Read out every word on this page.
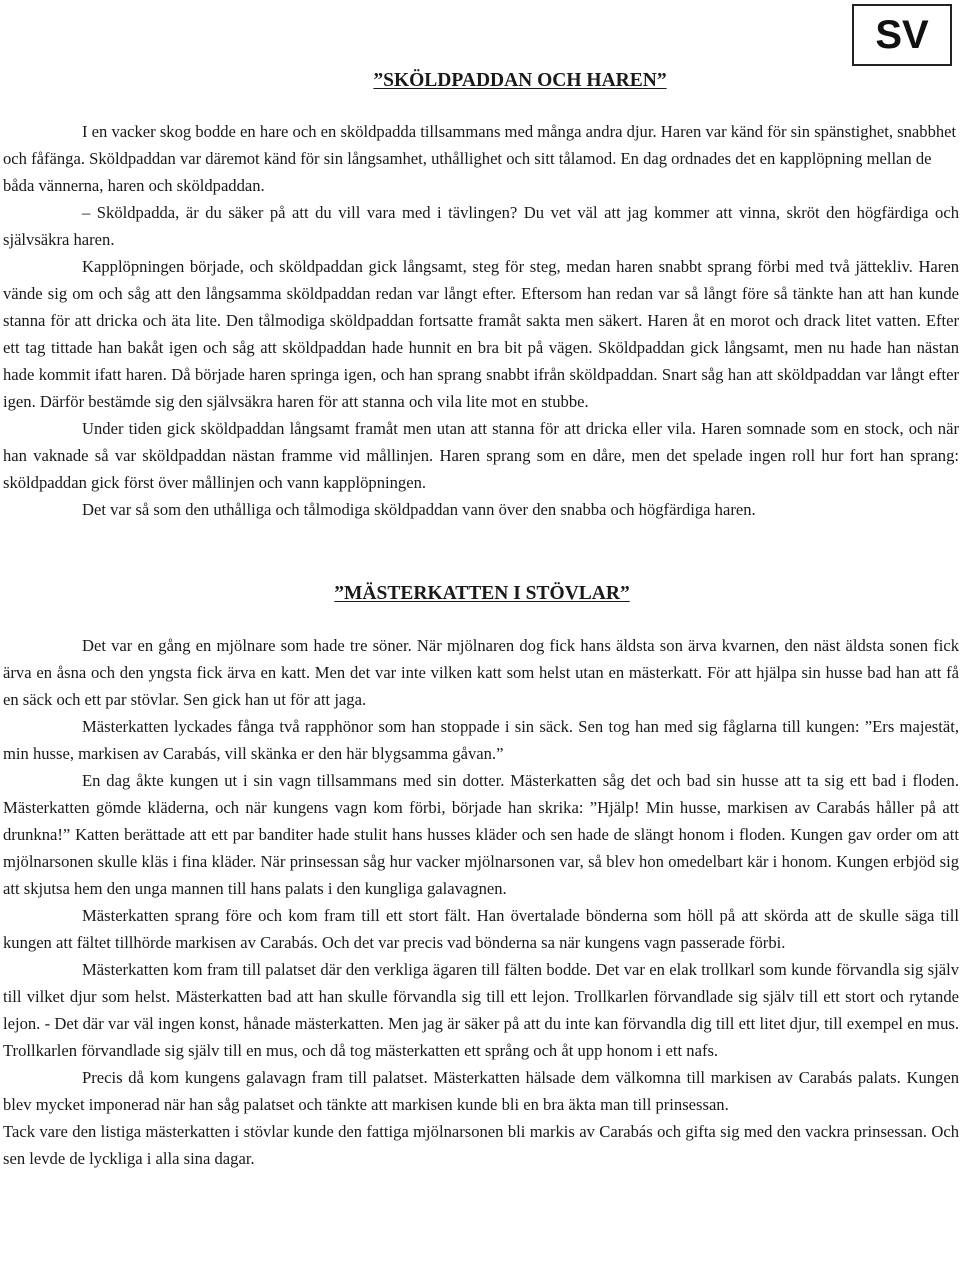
SV
”SKÖLDPADDAN OCH HAREN”

I en vacker skog bodde en hare och en sköldpadda tillsammans med många andra djur. Haren var känd för sin spänstighet, snabbhet och fåfänga. Sköldpaddan var däremot känd för sin långsamhet, uthållighet och sitt tålamod. En dag ordnades det en kapplöpning mellan de båda vännerna, haren och sköldpaddan.

– Sköldpadda, är du säker på att du vill vara med i tävlingen? Du vet väl att jag kommer att vinna, skröt den högfärdiga och självsäkra haren.

Kapplöpningen började, och sköldpaddan gick långsamt, steg för steg, medan haren snabbt sprang förbi med två jättekliv. Haren vände sig om och såg att den långsamma sköldpaddan redan var långt efter. Eftersom han redan var så långt före så tänkte han att han kunde stanna för att dricka och äta lite. Den tålmodiga sköldpaddan fortsatte framåt sakta men säkert. Haren åt en morot och drack litet vatten. Efter ett tag tittade han bakåt igen och såg att sköldpaddan hade hunnit en bra bit på vägen. Sköldpaddan gick långsamt, men nu hade han nästan hade kommit ifatt haren. Då började haren springa igen, och han sprang snabbt ifrån sköldpaddan. Snart såg han att sköldpaddan var långt efter igen. Därför bestämde sig den självsäkra haren för att stanna och vila lite mot en stubbe.

Under tiden gick sköldpaddan långsamt framåt men utan att stanna för att dricka eller vila. Haren somnade som en stock, och när han vaknade så var sköldpaddan nästan framme vid mållinjen. Haren sprang som en dåre, men det spelade ingen roll hur fort han sprang: sköldpaddan gick först över mållinjen och vann kapplöpningen.

Det var så som den uthålliga och tålmodiga sköldpaddan vann över den snabba och högfärdiga haren.

”MÄSTERKATTEN I STÖVLAR”

Det var en gång en mjölnare som hade tre söner. När mjölnaren dog fick hans äldsta son ärva kvarnen, den näst äldsta sonen fick ärva en åsna och den yngsta fick ärva en katt. Men det var inte vilken katt som helst utan en mästerkatt. För att hjälpa sin husse bad han att få en säck och ett par stövlar. Sen gick han ut för att jaga.

Mästerkatten lyckades fånga två rapphönor som han stoppade i sin säck. Sen tog han med sig fåglarna till kungen: ”Ers majestät, min husse, markisen av Carabás, vill skänka er den här blygsamma gåvan.”

En dag åkte kungen ut i sin vagn tillsammans med sin dotter. Mästerkatten såg det och bad sin husse att ta sig ett bad i floden. Mästerkatten gömde kläderna, och när kungens vagn kom förbi, började han skrika: ”Hjälp! Min husse, markisen av Carabás håller på att drunkna!” Katten berättade att ett par banditer hade stulit hans husses kläder och sen hade de slängt honom i floden. Kungen gav order om att mjölnarsonen skulle kläs i fina kläder. När prinsessan såg hur vacker mjölnarsonen var, så blev hon omedelbart kär i honom. Kungen erbjöd sig att skjutsa hem den unga mannen till hans palats i den kungliga galavagnen.

Mästerkatten sprang före och kom fram till ett stort fält. Han övertalade bönderna som höll på att skörda att de skulle säga till kungen att fältet tillhörde markisen av Carabás. Och det var precis vad bönderna sa när kungens vagn passerade förbi.

Mästerkatten kom fram till palatset där den verkliga ägaren till fälten bodde. Det var en elak trollkarl som kunde förvandla sig själv till vilket djur som helst. Mästerkatten bad att han skulle förvandla sig till ett lejon. Trollkarlen förvandlade sig själv till ett stort och rytande lejon. - Det där var väl ingen konst, hånade mästerkatten. Men jag är säker på att du inte kan förvandla dig till ett litet djur, till exempel en mus. Trollkarlen förvandlade sig själv till en mus, och då tog mästerkatten ett språng och åt upp honom i ett nafs.

Precis då kom kungens galavagn fram till palatset. Mästerkatten hälsade dem välkomna till markisen av Carabás palats. Kungen blev mycket imponerad när han såg palatset och tänkte att markisen kunde bli en bra äkta man till prinsessan.

Tack vare den listiga mästerkatten i stövlar kunde den fattiga mjölnarsonen bli markis av Carabás och gifta sig med den vackra prinsessan. Och sen levde de lyckliga i alla sina dagar.
